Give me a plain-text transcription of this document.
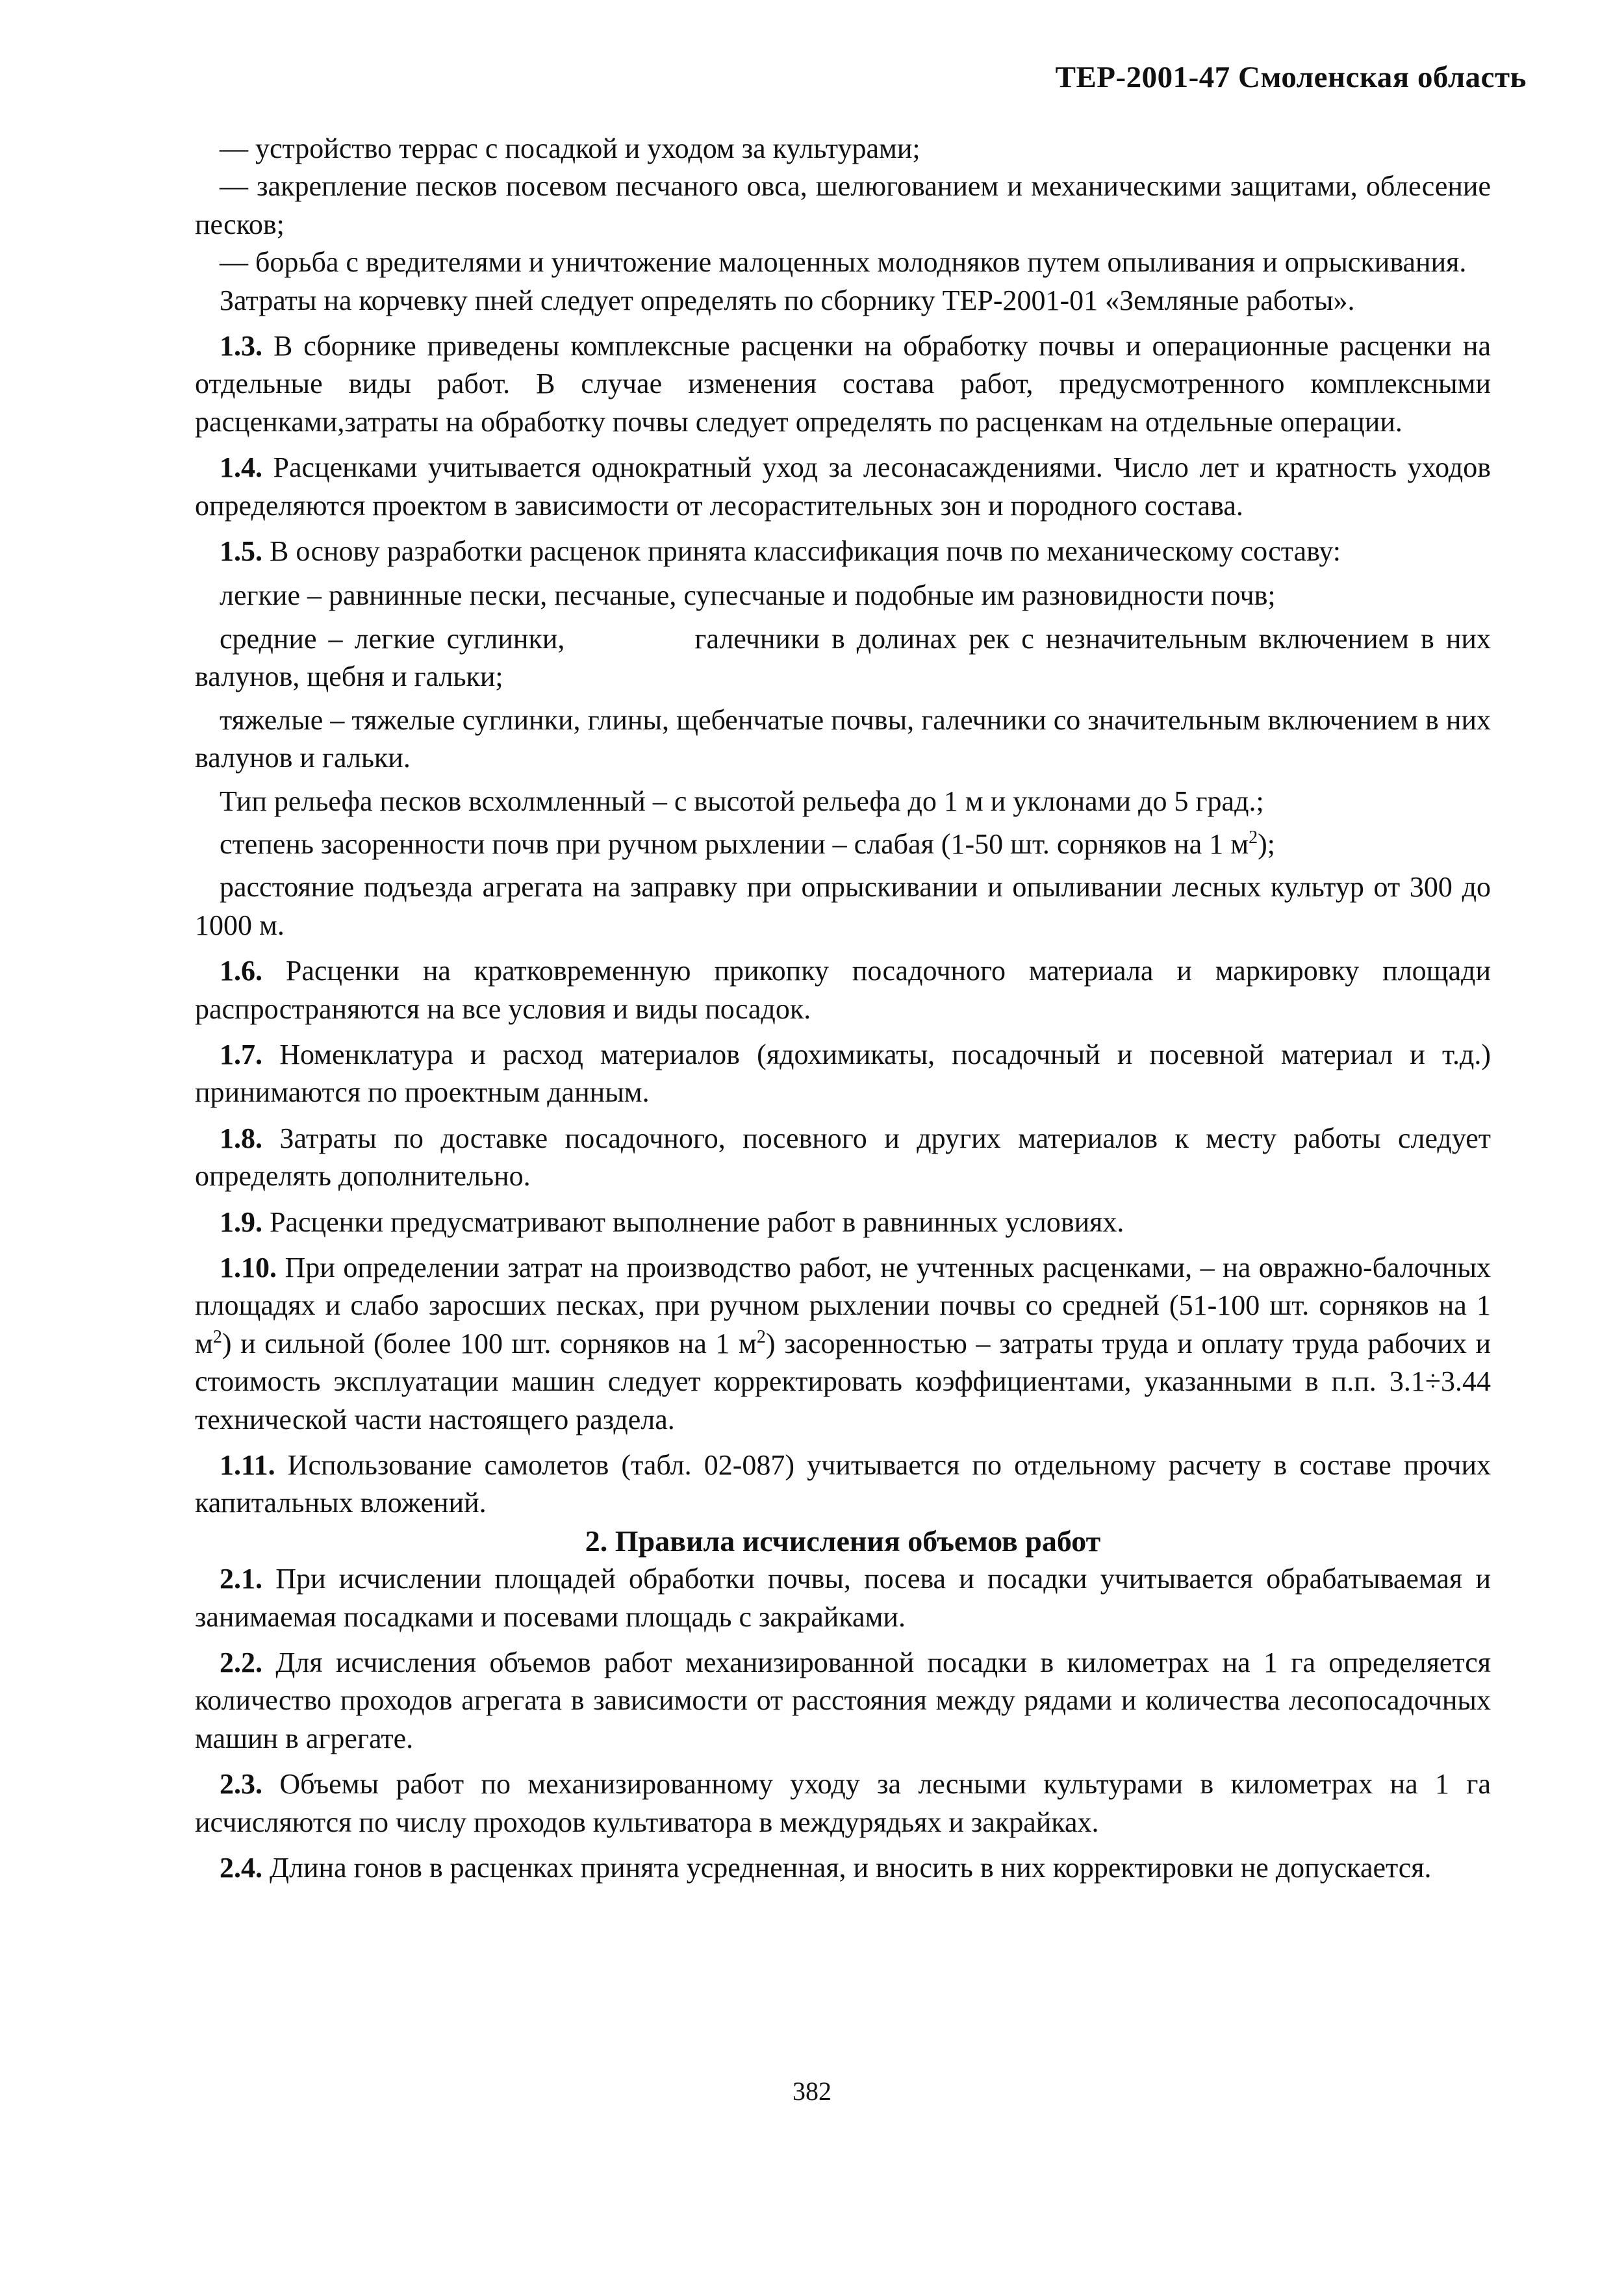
ТЕР-2001-47 Смоленская область

— устройство террас с посадкой и уходом за культурами;

— закрепление песков посевом песчаного овса, шелюгованием и механическими защитами, облесение песков;

— борьба с вредителями и уничтожение малоценных молодняков путем опыливания и опрыскивания.

Затраты на корчевку пней следует определять по сборнику ТЕР-2001-01 «Земляные работы».

1.3. В сборнике приведены комплексные расценки на обработку почвы и операционные расценки на отдельные виды работ. В случае изменения состава работ, предусмотренного комплексными расценками,затраты на обработку почвы следует определять по расценкам на отдельные операции.

1.4. Расценками учитывается однократный уход за лесонасаждениями. Число лет и кратность уходов определяются проектом в зависимости от лесорастительных зон и породного состава.

1.5. В основу разработки расценок принята классификация почв по механическому составу:

легкие – равнинные пески, песчаные, супесчаные и подобные им разновидности почв;

средние – легкие суглинки,	галечники в долинах рек с незначительным включением в них валунов, щебня и гальки;

тяжелые – тяжелые суглинки, глины, щебенчатые почвы, галечники со значительным включением в них валунов и гальки.

Тип рельефа песков всхолмленный – с высотой рельефа до 1 м и уклонами до 5 град.;

степень засоренности почв при ручном рыхлении – слабая (1-50 шт. сорняков на 1 $м^2$);

расстояние подъезда агрегата на заправку при опрыскивании и опыливании лесных культур от 300 до 1000 м.

1.6. Расценки на кратковременную прикопку посадочного материала и маркировку площади распространяются на все условия и виды посадок.

1.7. Номенклатура и расход материалов (ядохимикаты, посадочный и посевной материал и т.д.) принимаются по проектным данным.

1.8. Затраты по доставке посадочного, посевного и других материалов к месту работы следует определять дополнительно.

1.9. Расценки предусматривают выполнение работ в равнинных условиях.

1.10. При определении затрат на производство работ, не учтенных расценками, – на овражно-балочных площадях и слабо заросших песках, при ручном рыхлении почвы со средней (51-100 шт. сорняков на 1 $м^2$) и сильной (более 100 шт. сорняков на 1 $м^2$) засоренностью – затраты труда и оплату труда рабочих и стоимость эксплуатации машин следует корректировать коэффициентами, указанными в п.п. 3.1÷3.44 технической части настоящего раздела.

1.11. Использование самолетов (табл. 02-087) учитывается по отдельному расчету в составе прочих капитальных вложений.

2. Правила исчисления объемов работ

2.1. При исчислении площадей обработки почвы, посева и посадки учитывается обрабатываемая и занимаемая посадками и посевами площадь с закрайками.

2.2. Для исчисления объемов работ механизированной посадки в километрах на 1 га определяется количество проходов агрегата в зависимости от расстояния между рядами и количества лесопосадочных машин в агрегате.

2.3. Объемы работ по механизированному уходу за лесными культурами в километрах на 1 га исчисляются по числу проходов культиватора в междурядьях и закрайках.

2.4. Длина гонов в расценках принята усредненная, и вносить в них корректировки не допускается.

382
